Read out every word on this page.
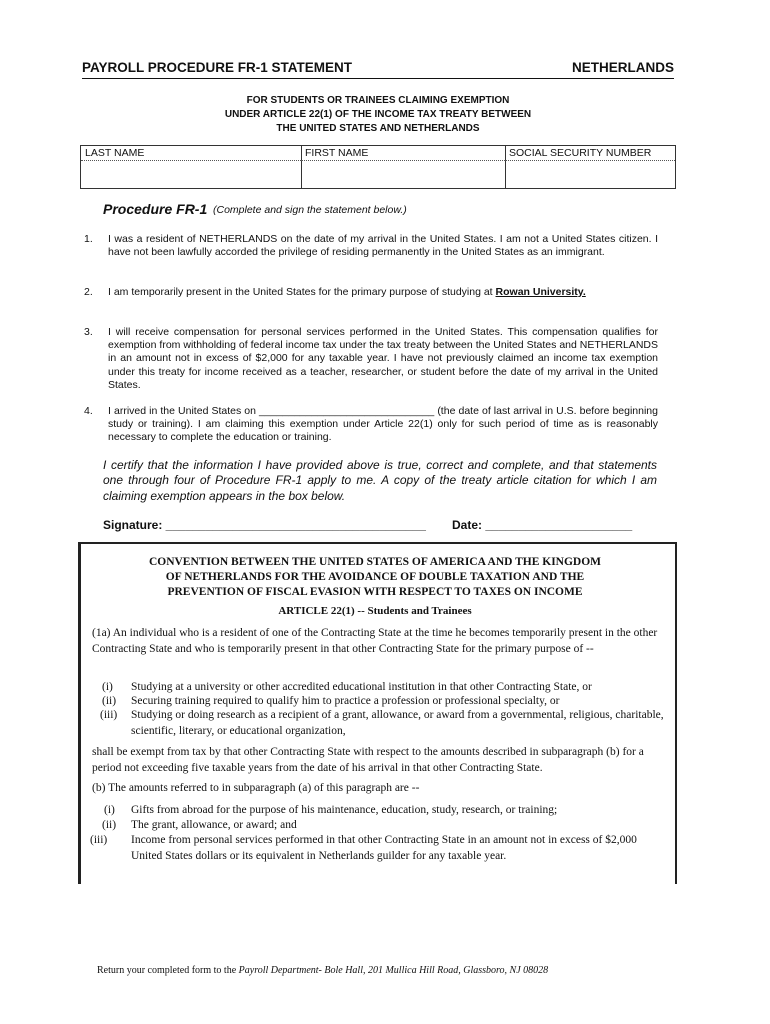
PAYROLL PROCEDURE FR-1 STATEMENT	NETHERLANDS
FOR STUDENTS OR TRAINEES CLAIMING EXEMPTION
UNDER ARTICLE 22(1) OF THE INCOME TAX TREATY BETWEEN
THE UNITED STATES AND NETHERLANDS
LAST NAME	FIRST NAME	SOCIAL SECURITY NUMBER
Procedure FR-1 (Complete and sign the statement below.)
1. I was a resident of NETHERLANDS on the date of my arrival in the United States. I am not a United States citizen. I have not been lawfully accorded the privilege of residing permanently in the United States as an immigrant.
2. I am temporarily present in the United States for the primary purpose of studying at Rowan University.
3. I will receive compensation for personal services performed in the United States. This compensation qualifies for exemption from withholding of federal income tax under the tax treaty between the United States and NETHERLANDS in an amount not in excess of $2,000 for any taxable year. I have not previously claimed an income tax exemption under this treaty for income received as a teacher, researcher, or student before the date of my arrival in the United States.
4. I arrived in the United States on ______________________________ (the date of last arrival in U.S. before beginning study or training). I am claiming this exemption under Article 22(1) only for such period of time as is reasonably necessary to complete the education or training.
I certify that the information I have provided above is true, correct and complete, and that statements one through four of Procedure FR-1 apply to me. A copy of the treaty article citation for which I am claiming exemption appears in the box below.
Signature: _______________________________________ Date: ______________________
CONVENTION BETWEEN THE UNITED STATES OF AMERICA AND THE KINGDOM
OF NETHERLANDS FOR THE AVOIDANCE OF DOUBLE TAXATION AND THE
PREVENTION OF FISCAL EVASION WITH RESPECT TO TAXES ON INCOME
ARTICLE 22(1) -- Students and Trainees
(1a) An individual who is a resident of one of the Contracting State at the time he becomes temporarily present in the other Contracting State and who is temporarily present in that other Contracting State for the primary purpose of --
(i) Studying at a university or other accredited educational institution in that other Contracting State, or
(ii) Securing training required to qualify him to practice a profession or professional specialty, or
(iii) Studying or doing research as a recipient of a grant, allowance, or award from a governmental, religious, charitable, scientific, literary, or educational organization,
shall be exempt from tax by that other Contracting State with respect to the amounts described in subparagraph (b) for a period not exceeding five taxable years from the date of his arrival in that other Contracting State.
(b) The amounts referred to in subparagraph (a) of this paragraph are --
(i) Gifts from abroad for the purpose of his maintenance, education, study, research, or training;
(ii) The grant, allowance, or award; and
(iii) Income from personal services performed in that other Contracting State in an amount not in excess of $2,000 United States dollars or its equivalent in Netherlands guilder for any taxable year.
Return your completed form to the Payroll Department- Bole Hall, 201 Mullica Hill Road, Glassboro, NJ 08028
